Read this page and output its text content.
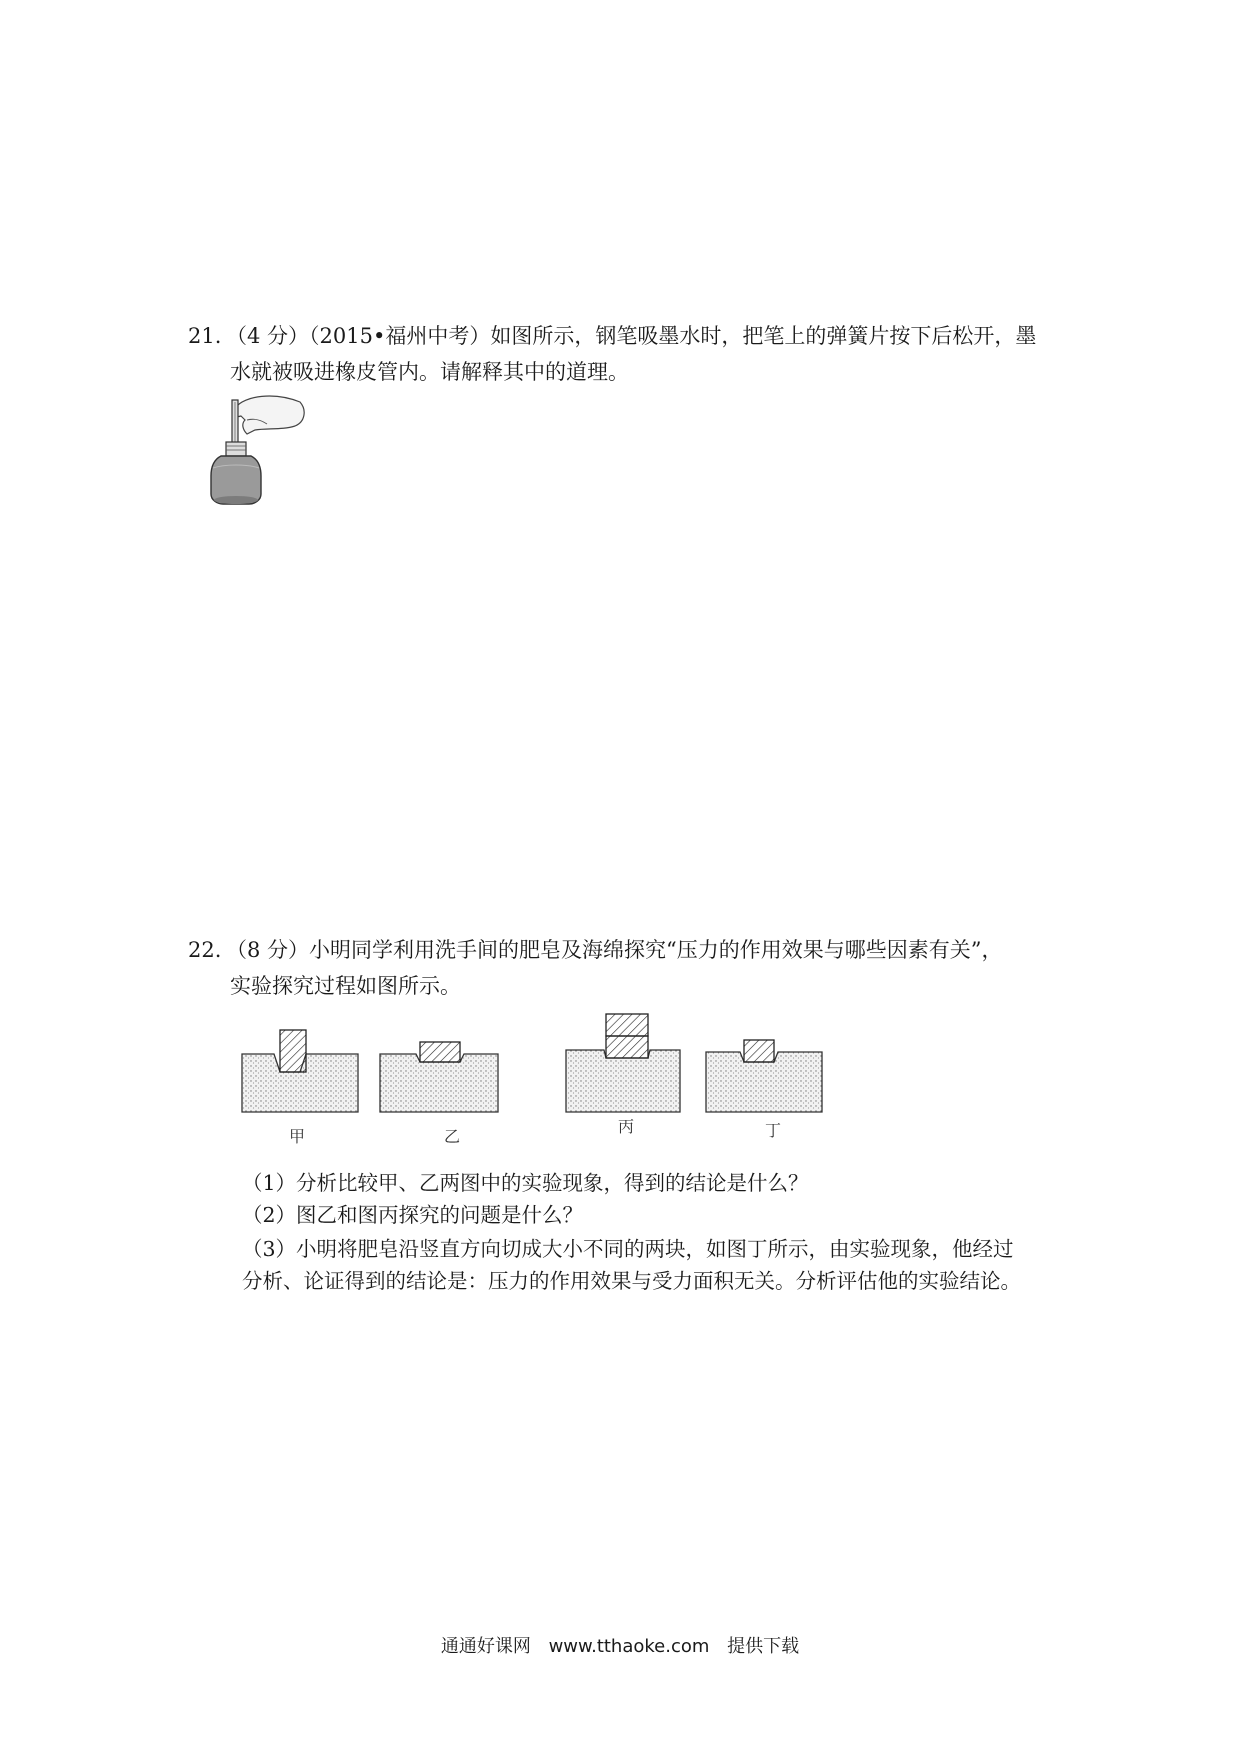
21. （4 分）（2015•福州中考）如图所示，钢笔吸墨水时，把笔上的弹簧片按下后松开，墨
水就被吸进橡皮管内。请解释其中的道理。
22. （8 分）小明同学利用洗手间的肥皂及海绵探究“压力的作用效果与哪些因素有关”，
实验探究过程如图所示。
甲	乙
丙	丁
（1）分析比较甲、乙两图中的实验现象，得到的结论是什么？
（2）图乙和图丙探究的问题是什么？
（3）小明将肥皂沿竖直方向切成大小不同的两块，如图丁所示，由实验现象，他经过
分析、论证得到的结论是：压力的作用效果与受力面积无关。分析评估他的实验结论。
通通好课网 www.tthaoke.com 提供下载
